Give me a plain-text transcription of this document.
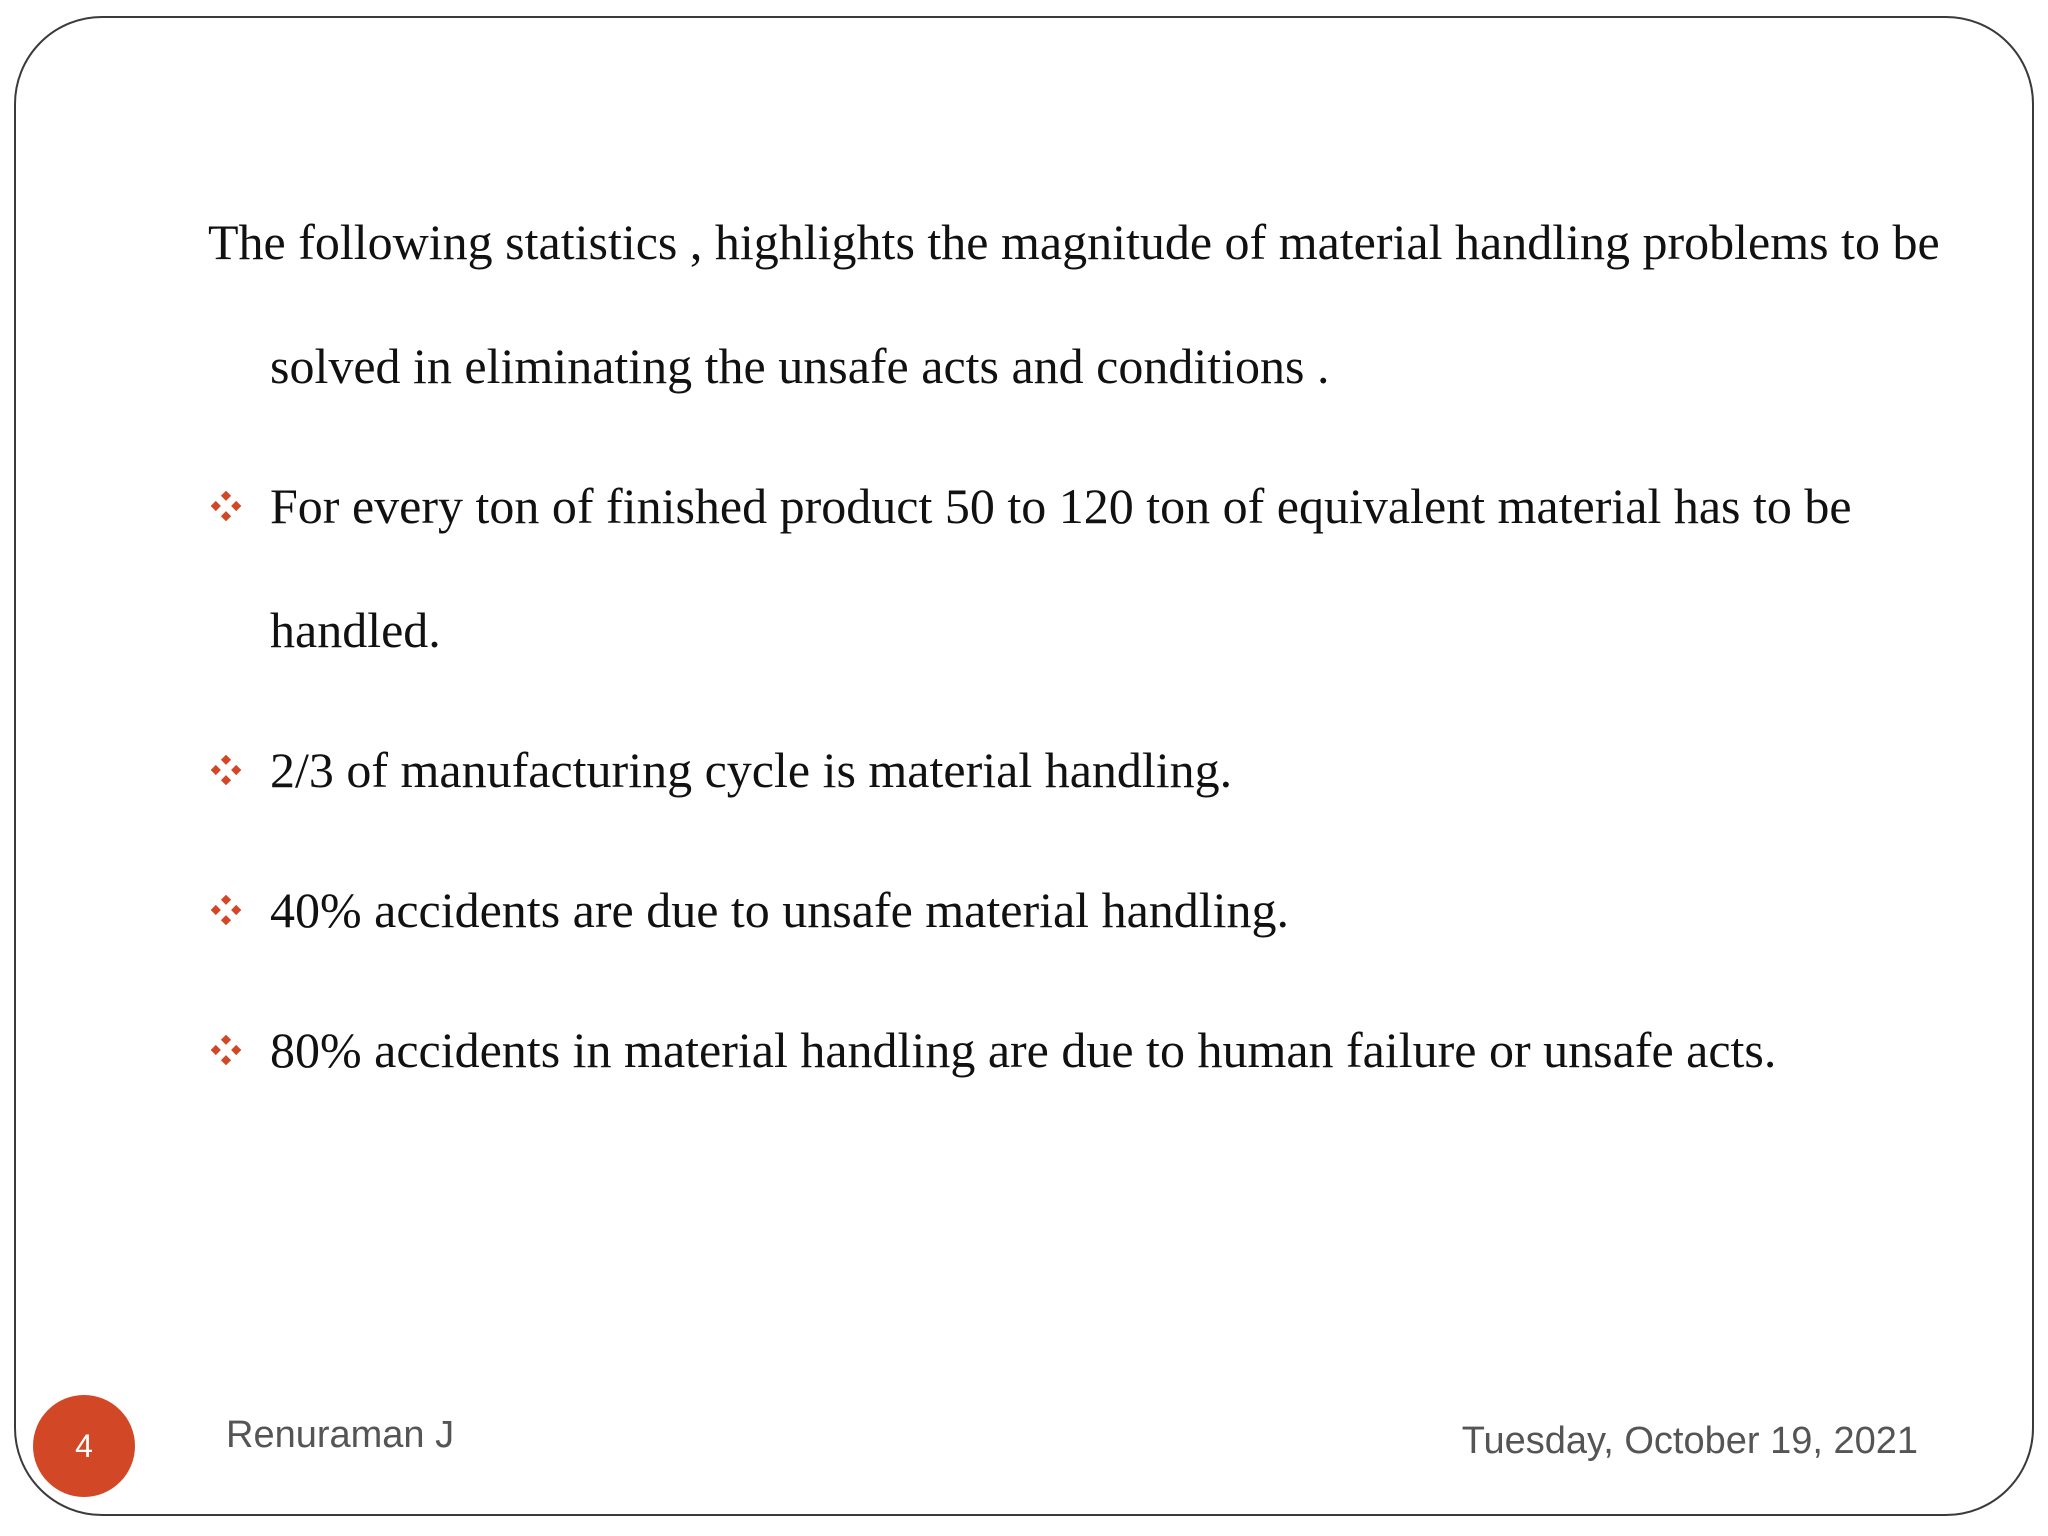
The following statistics , highlights the magnitude of material handling problems to be solved in eliminating the unsafe acts and conditions .

For every ton of finished product 50 to 120 ton of equivalent material has to be handled.
2/3 of manufacturing cycle is material handling.
40% accidents are due to unsafe material handling.
80% accidents in material handling are due to human failure or unsafe acts.
4	Renuraman J	Tuesday, October 19, 2021
